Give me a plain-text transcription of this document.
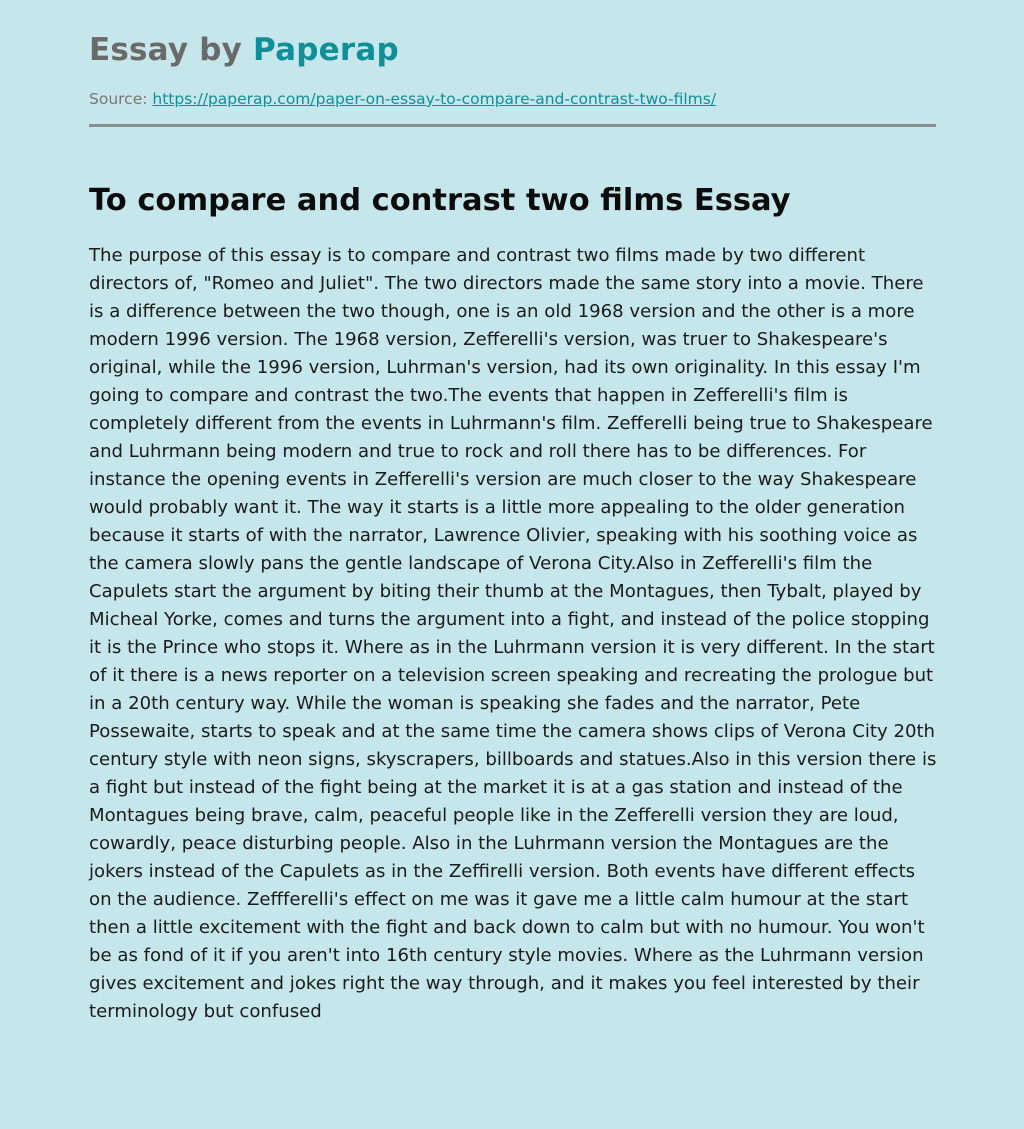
Essay by Paperap
Source: https://paperap.com/paper-on-essay-to-compare-and-contrast-two-films/
To compare and contrast two films Essay

The purpose of this essay is to compare and contrast two films made by two different directors of, "Romeo and Juliet". The two directors made the same story into a movie. There is a difference between the two though, one is an old 1968 version and the other is a more modern 1996 version. The 1968 version, Zefferelli's version, was truer to Shakespeare's original, while the 1996 version, Luhrman's version, had its own originality. In this essay I'm going to compare and contrast the two.The events that happen in Zefferelli's film is completely different from the events in Luhrmann's film. Zefferelli being true to Shakespeare and Luhrmann being modern and true to rock and roll there has to be differences. For instance the opening events in Zefferelli's version are much closer to the way Shakespeare would probably want it. The way it starts is a little more appealing to the older generation because it starts of with the narrator, Lawrence Olivier, speaking with his soothing voice as the camera slowly pans the gentle landscape of Verona City.Also in Zefferelli's film the Capulets start the argument by biting their thumb at the Montagues, then Tybalt, played by Micheal Yorke, comes and turns the argument into a fight, and instead of the police stopping it is the Prince who stops it. Where as in the Luhrmann version it is very different. In the start of it there is a news reporter on a television screen speaking and recreating the prologue but in a 20th century way. While the woman is speaking she fades and the narrator, Pete Possewaite, starts to speak and at the same time the camera shows clips of Verona City 20th century style with neon signs, skyscrapers, billboards and statues.Also in this version there is a fight but instead of the fight being at the market it is at a gas station and instead of the Montagues being brave, calm, peaceful people like in the Zefferelli version they are loud, cowardly, peace disturbing people. Also in the Luhrmann version the Montagues are the jokers instead of the Capulets as in the Zeffirelli version. Both events have different effects on the audience. Zeffferelli's effect on me was it gave me a little calm humour at the start then a little excitement with the fight and back down to calm but with no humour. You won't be as fond of it if you aren't into 16th century style movies. Where as the Luhrmann version gives excitement and jokes right the way through, and it makes you feel interested by their terminology but confused
